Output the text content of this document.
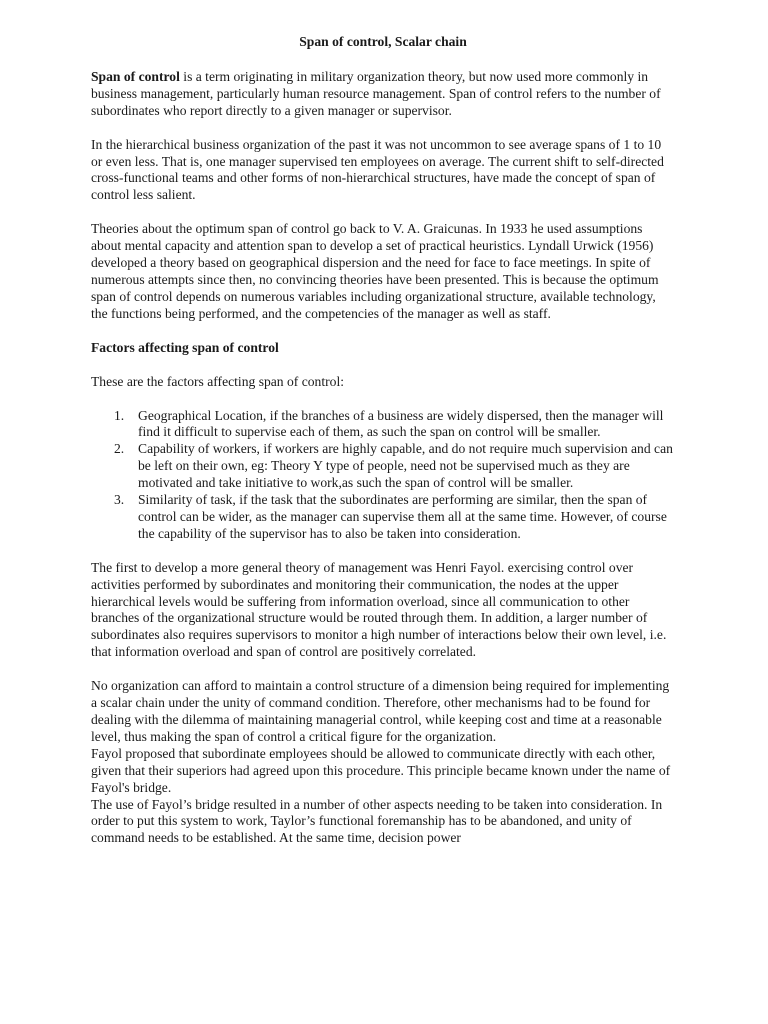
Span of control, Scalar chain

Span of control is a term originating in military organization theory, but now used more commonly in business management, particularly human resource management. Span of control refers to the number of subordinates who report directly to a given manager or supervisor.

In the hierarchical business organization of the past it was not uncommon to see average spans of 1 to 10 or even less. That is, one manager supervised ten employees on average. The current shift to self-directed cross-functional teams and other forms of non-hierarchical structures, have made the concept of span of control less salient.

Theories about the optimum span of control go back to V. A. Graicunas. In 1933 he used assumptions about mental capacity and attention span to develop a set of practical heuristics. Lyndall Urwick (1956) developed a theory based on geographical dispersion and the need for face to face meetings. In spite of numerous attempts since then, no convincing theories have been presented. This is because the optimum span of control depends on numerous variables including organizational structure, available technology, the functions being performed, and the competencies of the manager as well as staff.

Factors affecting span of control

These are the factors affecting span of control:

1. Geographical Location, if the branches of a business are widely dispersed, then the manager will find it difficult to supervise each of them, as such the span on control will be smaller.
2. Capability of workers, if workers are highly capable, and do not require much supervision and can be left on their own, eg: Theory Y type of people, need not be supervised much as they are motivated and take initiative to work,as such the span of control will be smaller.
3. Similarity of task, if the task that the subordinates are performing are similar, then the span of control can be wider, as the manager can supervise them all at the same time. However, of course the capability of the supervisor has to also be taken into consideration.

The first to develop a more general theory of management was Henri Fayol. exercising control over activities performed by subordinates and monitoring their communication, the nodes at the upper hierarchical levels would be suffering from information overload, since all communication to other branches of the organizational structure would be routed through them. In addition, a larger number of subordinates also requires supervisors to monitor a high number of interactions below their own level, i.e. that information overload and span of control are positively correlated.

No organization can afford to maintain a control structure of a dimension being required for implementing a scalar chain under the unity of command condition. Therefore, other mechanisms had to be found for dealing with the dilemma of maintaining managerial control, while keeping cost and time at a reasonable level, thus making the span of control a critical figure for the organization.

Fayol proposed that subordinate employees should be allowed to communicate directly with each other, given that their superiors had agreed upon this procedure. This principle became known under the name of Fayol's bridge.

The use of Fayol’s bridge resulted in a number of other aspects needing to be taken into consideration. In order to put this system to work, Taylor’s functional foremanship has to be abandoned, and unity of command needs to be established. At the same time, decision power
